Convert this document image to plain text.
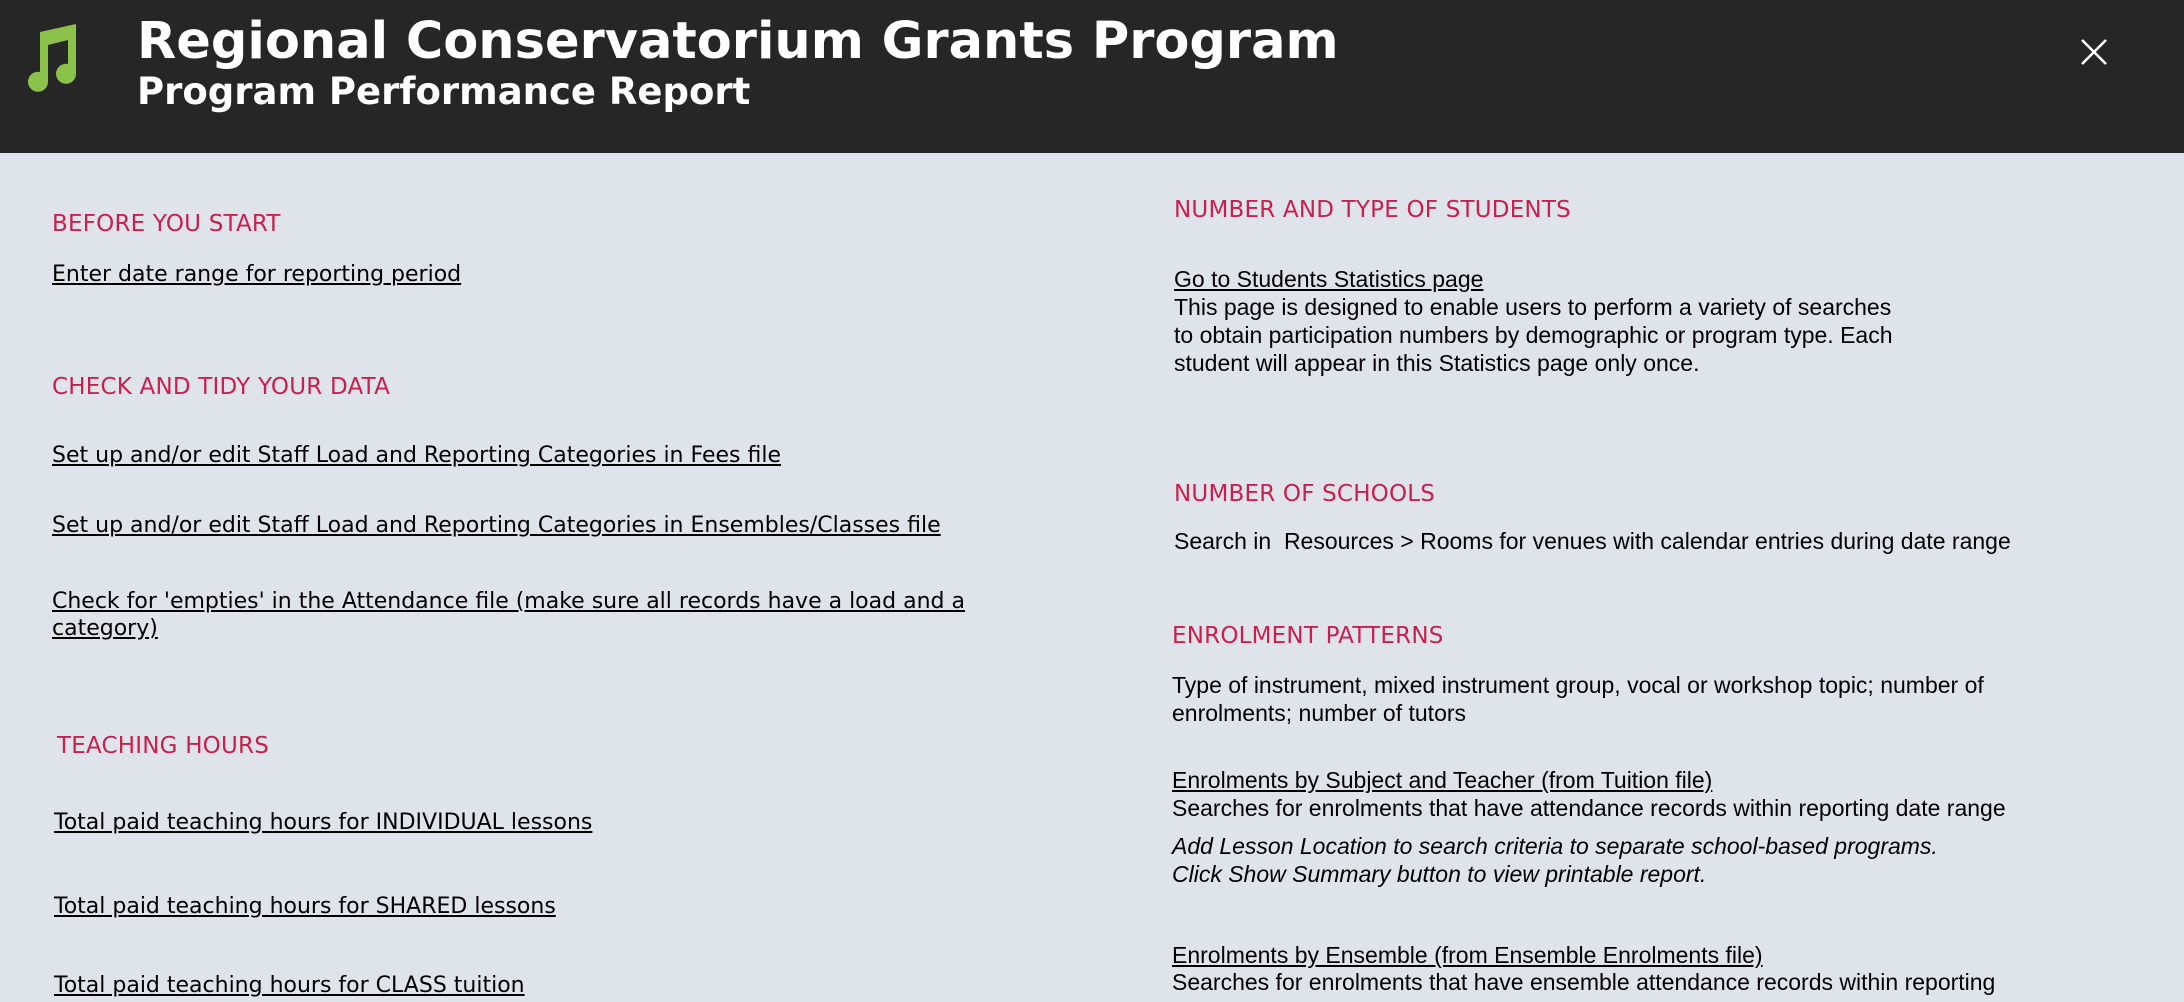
Regional Conservatorium Grants Program
Program Performance Report
BEFORE YOU START
Enter date range for reporting period
CHECK AND TIDY YOUR DATA
Set up and/or edit Staff Load and Reporting Categories in Fees file
Set up and/or edit Staff Load and Reporting Categories in Ensembles/Classes file
Check for 'empties' in the Attendance file (make sure all records have a load and a category)
TEACHING HOURS
Total paid teaching hours for INDIVIDUAL lessons
Total paid teaching hours for SHARED lessons
Total paid teaching hours for CLASS tuition
NUMBER AND TYPE OF STUDENTS
Go to Students Statistics page
This page is designed to enable users to perform a variety of searches to obtain participation numbers by demographic or program type. Each student will appear in this Statistics page only once.
NUMBER OF SCHOOLS
Search in  Resources > Rooms for venues with calendar entries during date range
ENROLMENT PATTERNS
Type of instrument, mixed instrument group, vocal or workshop topic; number of enrolments; number of tutors
Enrolments by Subject and Teacher (from Tuition file)
Searches for enrolments that have attendance records within reporting date range
Add Lesson Location to search criteria to separate school-based programs.
Click Show Summary button to view printable report.
Enrolments by Ensemble (from Ensemble Enrolments file)
Searches for enrolments that have ensemble attendance records within reporting
